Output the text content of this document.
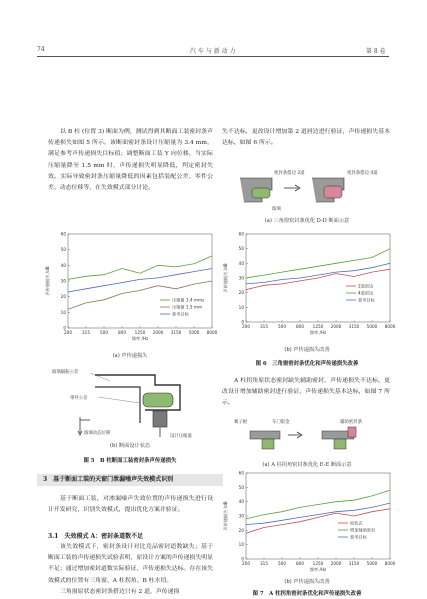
74	汽 车 与 新 动 力	第 8 卷

以 B 柱 (位置 3) 断面为例，测试得到其断面工装密封条声传递损失如图 5 所示。该断面密封条设计压缩量为 3.4 mm，满足参考声传递损失目标值；调整断面工装 Y 向位移，当实际压缩量降至 1.5 mm 时，声传递损失明显降低，判定密封失效。实际导致密封条压缩量降低的因素包括装配公差、零件公差、动态位移等，在失效模式部分讨论。

0
10
20
30
40
50
60
200 315 500 800 1250 2000 3150 5000 8000
频率 /Hz
声传递损失 /dB
压缩量 3.4 mms
压缩量 1.5 mm
参考目标
(a) 声传递损失
玻璃隔振公差
零件公差
玻璃动态位移
设计压缩量
(b) 断面设计状态
图 5　B 柱断面工装密封条声传递损失
3　基于断面工装的天窗门泄漏噪声失效模式识别

基于断面工装，对渗漏噪声失效位置的声传递损失进行设计开发研究，识别失效模式，提出优化方案并验证。

3.1　失效模式 A：密封条道数不足

该失效模式下，密封条设计对比竞品密封道数缺失；基于断面工装的声传递损失试验表明，原设计方案的声传递损失明显不足；通过增加密封道数实际验证，声传递损失达标。存在该失效模式的位置有三角窗、A 柱拐角、B 柱水切。

三角窗原状态密封条搭边只有 2 道，声传递损

失不达标，更改设计增加第 2 道唇边进行验证，声传递损失基本达标，如图 6 所示。

密封条搭边 2道	密封条搭边 4道
玻璃
(a) 三角窗密封条优化 D-D 断面示意
0
10
20
30
40
50
60
200 315 500 800 1250 2000 3150 5000 8000
频率 /Hz
声传递损失 /dB	2道唇边
4道唇边
参考目标
(b) 声传递损失改善
图 6　三角窗密封条优化和声传递损失改善

A 柱拐角原状态密封缺失辅助密封，声传递损失不达标，更改设计增加辅助密封进行验证，声传递损失基本达标，如图 7 所示。

翼子板	车门钣金	辅助密封条
(a) A 柱拐角密封条优化 E-E 断面示意
0
10
20
30
40
50
60
200 315 500 800 1250 2000 3150 5000 8000
频率 /Hz
声传递损失 /dB	原状态
增加辅助密封
参考目标
(b) 声传递损失改善
图 7　A 柱拐角密封条优化和声传递损失改善
